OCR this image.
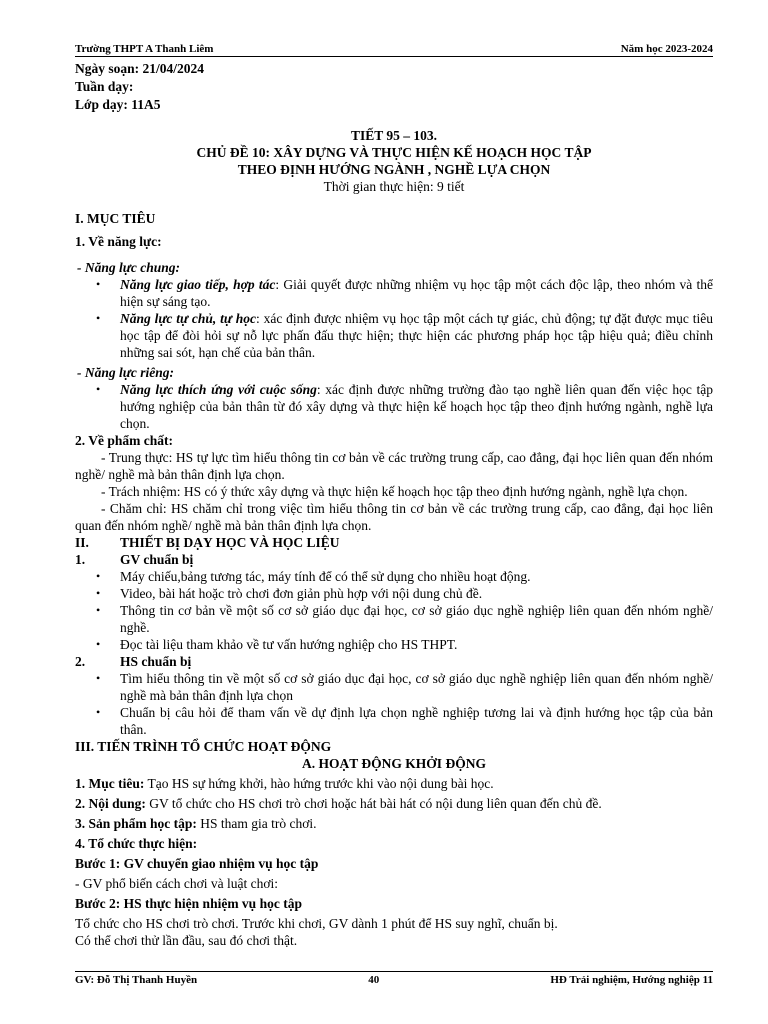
Trường THPT A Thanh Liêm	Năm học 2023-2024
Ngày soạn: 21/04/2024
Tuần dạy:
Lớp dạy: 11A5
TIẾT 95 – 103.
CHỦ ĐỀ 10: XÂY DỰNG VÀ THỰC HIỆN KẾ HOẠCH HỌC TẬP
THEO ĐỊNH HƯỚNG NGÀNH , NGHỀ LỰA CHỌN
Thời gian thực hiện: 9 tiết

I. MỤC TIÊU

1. Về năng lực:

- Năng lực chung:

• Năng lực giao tiếp, hợp tác: Giải quyết được những nhiệm vụ học tập một cách độc lập, theo nhóm và thể hiện sự sáng tạo.
• Năng lực tự chủ, tự học: xác định được nhiệm vụ học tập một cách tự giác, chủ động; tự đặt được mục tiêu học tập để đòi hỏi sự nỗ lực phấn đấu thực hiện; thực hiện các phương pháp học tập hiệu quả; điều chỉnh những sai sót, hạn chế của bản thân.

- Năng lực riêng:

• Năng lực thích ứng với cuộc sống: xác định được những trường đào tạo nghề liên quan đến việc học tập hướng nghiệp của bản thân từ đó xây dựng và thực hiện kế hoạch học tập theo định hướng ngành, nghề lựa chọn.

2. Về phẩm chất:

- Trung thực: HS tự lực tìm hiểu thông tin cơ bản về các trường trung cấp, cao đẳng, đại học liên quan đến nhóm nghề/ nghề mà bản thân định lựa chọn.

- Trách nhiệm: HS có ý thức xây dựng và thực hiện kế hoạch học tập theo định hướng ngành, nghề lựa chọn.

- Chăm chỉ: HS chăm chỉ trong việc tìm hiểu thông tin cơ bản về các trường trung cấp, cao đẳng, đại học liên quan đến nhóm nghề/ nghề mà bản thân định lựa chọn.

II.	THIẾT BỊ DẠY HỌC VÀ HỌC LIỆU
1.	GV chuẩn bị
• Máy chiếu,bảng tương tác, máy tính để có thể sử dụng cho nhiều hoạt động.
• Video, bài hát hoặc trò chơi đơn giản phù hợp với nội dung chủ đề.
• Thông tin cơ bản về một số cơ sở giáo dục đại học, cơ sở giáo dục nghề nghiệp liên quan đến nhóm nghề/ nghề.
• Đọc tài liệu tham khảo về tư vấn hướng nghiệp cho HS THPT.
2.	HS chuẩn bị
• Tìm hiểu thông tin về một số cơ sở giáo dục đại học, cơ sở giáo dục nghề nghiệp liên quan đến nhóm nghề/ nghề mà bản thân định lựa chọn
• Chuẩn bị câu hỏi để tham vấn về dự định lựa chọn nghề nghiệp tương lai và định hướng học tập của bản thân.

III. TIẾN TRÌNH TỔ CHỨC HOẠT ĐỘNG

A. HOẠT ĐỘNG KHỞI ĐỘNG

1. Mục tiêu: Tạo HS sự hứng khởi, hào hứng trước khi vào nội dung bài học.

2. Nội dung: GV tổ chức cho HS chơi trò chơi hoặc hát bài hát có nội dung liên quan đến chủ đề.

3. Sản phẩm học tập: HS tham gia trò chơi.

4. Tổ chức thực hiện:

Bước 1: GV chuyển giao nhiệm vụ học tập

- GV phổ biến cách chơi và luật chơi:

Bước 2: HS thực hiện nhiệm vụ học tập

Tổ chức cho HS chơi trò chơi. Trước khi chơi, GV dành 1 phút để HS suy nghĩ, chuẩn bị.

Có thể chơi thử lần đầu, sau đó chơi thật.

GV: Đỗ Thị Thanh Huyền	40	HĐ Trải nghiệm, Hướng nghiệp 11
